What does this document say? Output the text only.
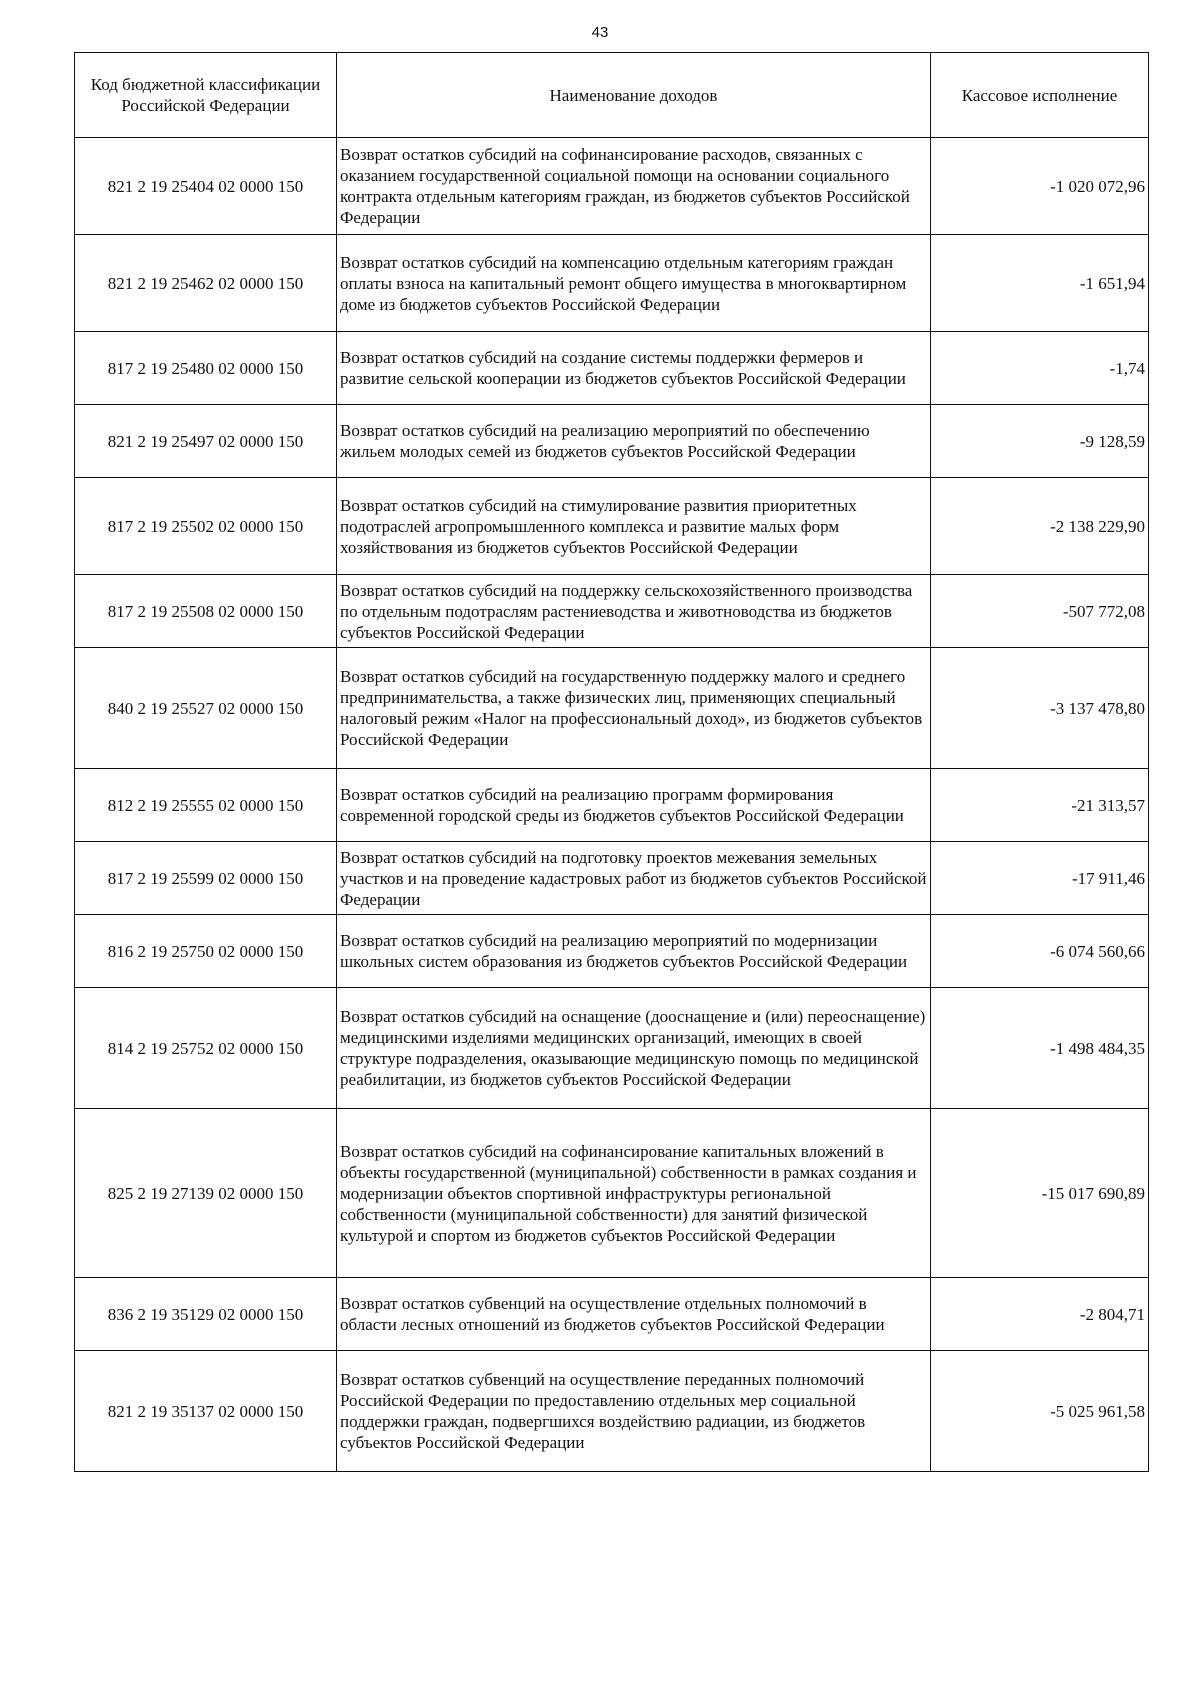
43
Код бюджетной классификации Российской Федерации	Наименование доходов	Кассовое исполнение
821 2 19 25404 02 0000 150	Возврат остатков субсидий на софинансирование расходов, связанных с оказанием государственной социальной помощи на основании социального контракта отдельным категориям граждан, из бюджетов субъектов Российской Федерации	-1 020 072,96
821 2 19 25462 02 0000 150	Возврат остатков субсидий на компенсацию отдельным категориям граждан оплаты взноса на капитальный ремонт общего имущества в многоквартирном доме из бюджетов субъектов Российской Федерации	-1 651,94
817 2 19 25480 02 0000 150	Возврат остатков субсидий на создание системы поддержки фермеров и развитие сельской кооперации из бюджетов субъектов Российской Федерации	-1,74
821 2 19 25497 02 0000 150	Возврат остатков субсидий на реализацию мероприятий по обеспечению жильем молодых семей из бюджетов субъектов Российской Федерации	-9 128,59
817 2 19 25502 02 0000 150	Возврат остатков субсидий на стимулирование развития приоритетных подотраслей агропромышленного комплекса и развитие малых форм хозяйствования из бюджетов субъектов Российской Федерации	-2 138 229,90
817 2 19 25508 02 0000 150	Возврат остатков субсидий на поддержку сельскохозяйственного производства по отдельным подотраслям растениеводства и животноводства из бюджетов субъектов Российской Федерации	-507 772,08
840 2 19 25527 02 0000 150	Возврат остатков субсидий на государственную поддержку малого и среднего предпринимательства, а также физических лиц, применяющих специальный налоговый режим «Налог на профессиональный доход», из бюджетов субъектов Российской Федерации	-3 137 478,80
812 2 19 25555 02 0000 150	Возврат остатков субсидий на реализацию программ формирования современной городской среды из бюджетов субъектов Российской Федерации	-21 313,57
817 2 19 25599 02 0000 150	Возврат остатков субсидий на подготовку проектов межевания земельных участков и на проведение кадастровых работ из бюджетов субъектов Российской Федерации	-17 911,46
816 2 19 25750 02 0000 150	Возврат остатков субсидий на реализацию мероприятий по модернизации школьных систем образования из бюджетов субъектов Российской Федерации	-6 074 560,66
814 2 19 25752 02 0000 150	Возврат остатков субсидий на оснащение (дооснащение и (или) переоснащение) медицинскими изделиями медицинских организаций, имеющих в своей структуре подразделения, оказывающие медицинскую помощь по медицинской реабилитации, из бюджетов субъектов Российской Федерации	-1 498 484,35
825 2 19 27139 02 0000 150	Возврат остатков субсидий на софинансирование капитальных вложений в объекты государственной (муниципальной) собственности в рамках создания и модернизации объектов спортивной инфраструктуры региональной собственности (муниципальной собственности) для занятий физической культурой и спортом из бюджетов субъектов Российской Федерации	-15 017 690,89
836 2 19 35129 02 0000 150	Возврат остатков субвенций на осуществление отдельных полномочий в области лесных отношений из бюджетов субъектов Российской Федерации	-2 804,71
821 2 19 35137 02 0000 150	Возврат остатков субвенций на осуществление переданных полномочий Российской Федерации по предоставлению отдельных мер социальной поддержки граждан, подвергшихся воздействию радиации, из бюджетов субъектов Российской Федерации	-5 025 961,58
